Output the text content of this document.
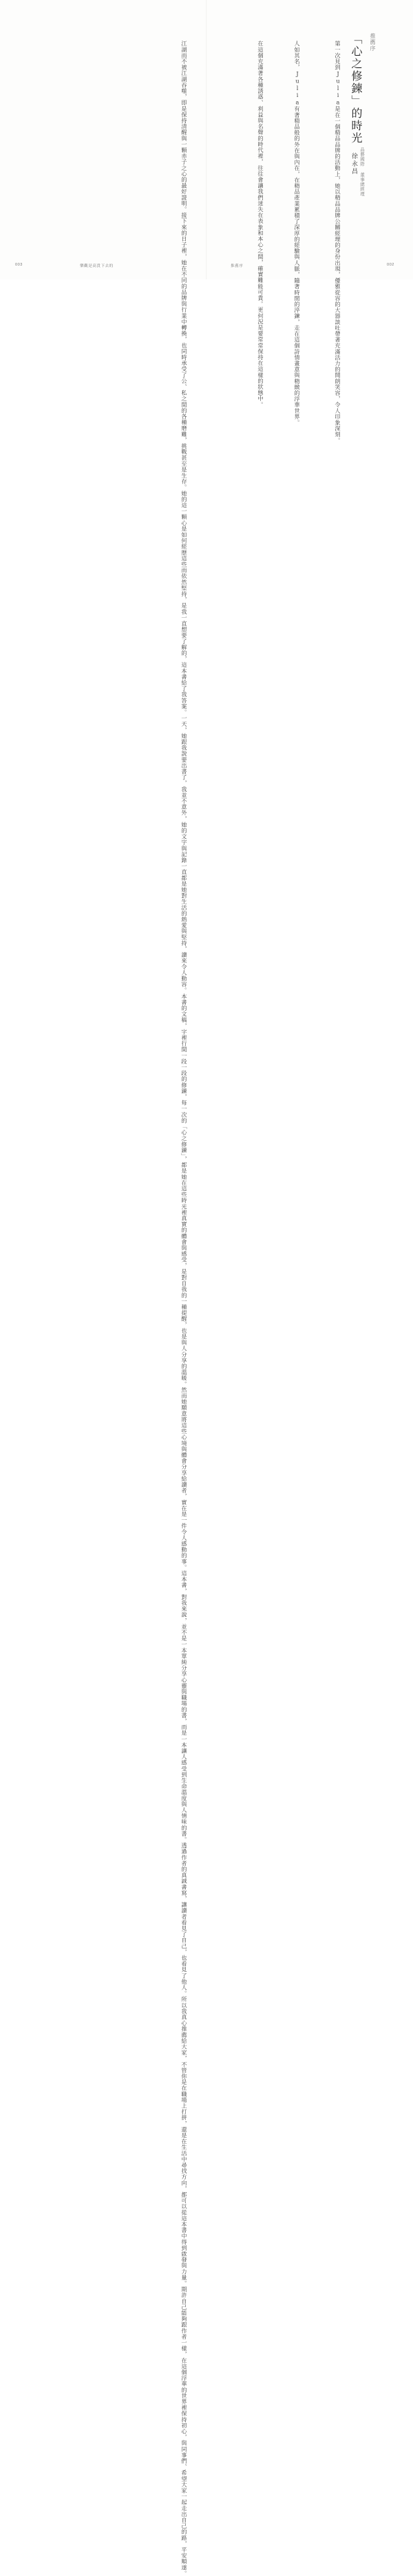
推薦序
「心之修鍊」的時光
品藝國際 董事總經理
徐永昌
第一次見到Julia是在一個精品品牌的活動上，她以精品品牌公關經理的身份出現，優雅從容的大器談吐帶著充滿活力的開朗笑容，令人印象深刻。
人如其名，Julia有著精品般的外在與內在，在精品產業累積了深厚的經驗與人脈，隨著時間的淬鍊，走在這個詩情畫意與精緻的浮華世界。
在這個充滿著各種誘惑、利益與名聲的時代裡，往往會讓我們迷失在表象和本心之間，確實難能可貴。更何況是要常常保持在這樣的狀態中。
江湖而不被江湖吞噬，即是保持清醒與一顆赤子之心的最好證明。接下來的日子裡，她在不同的品牌與行業中轉換，也同時承受了公、私之間的各種磨難，挑戰甚至是生存。她的這一顆心是如何經歷這些而依然堅持，是我一直想要了解的，這本書給了我答案。一天，她跟我說要出書了，我並不意外，她的文字與記錄一直都是她對生活的熱愛與堅持，讀來令人動容。本書的文稿，字裡行間一段一段的修鍊，每一次的「心之修鍊」，都是她在這些時光裡真實的體會與感受，是對自我的一種提醒，也是與人分享的溫暖。然而她願意將這些心境與體會分享給讀者，實在是一件令人感動的事。這本書，對我來說，並不是一本單純分享心靈與職場的書，而是一本讓人感受到生命溫度與人情味的書。透過作者的真誠書寫，讓讀者看見了自己，也看見了他人。所以我真心推薦給大家，不管你是在職場上打拼，還是在生活中尋找方向，都可以從這本書中得到啟發與力量。期許自己能夠跟作者一樣，在這個浮華的世界裡保持初心，與同事們、希望大家一起走出自己的路，平安順遂。
003	樂觀是高貴下去的	推薦序	002
